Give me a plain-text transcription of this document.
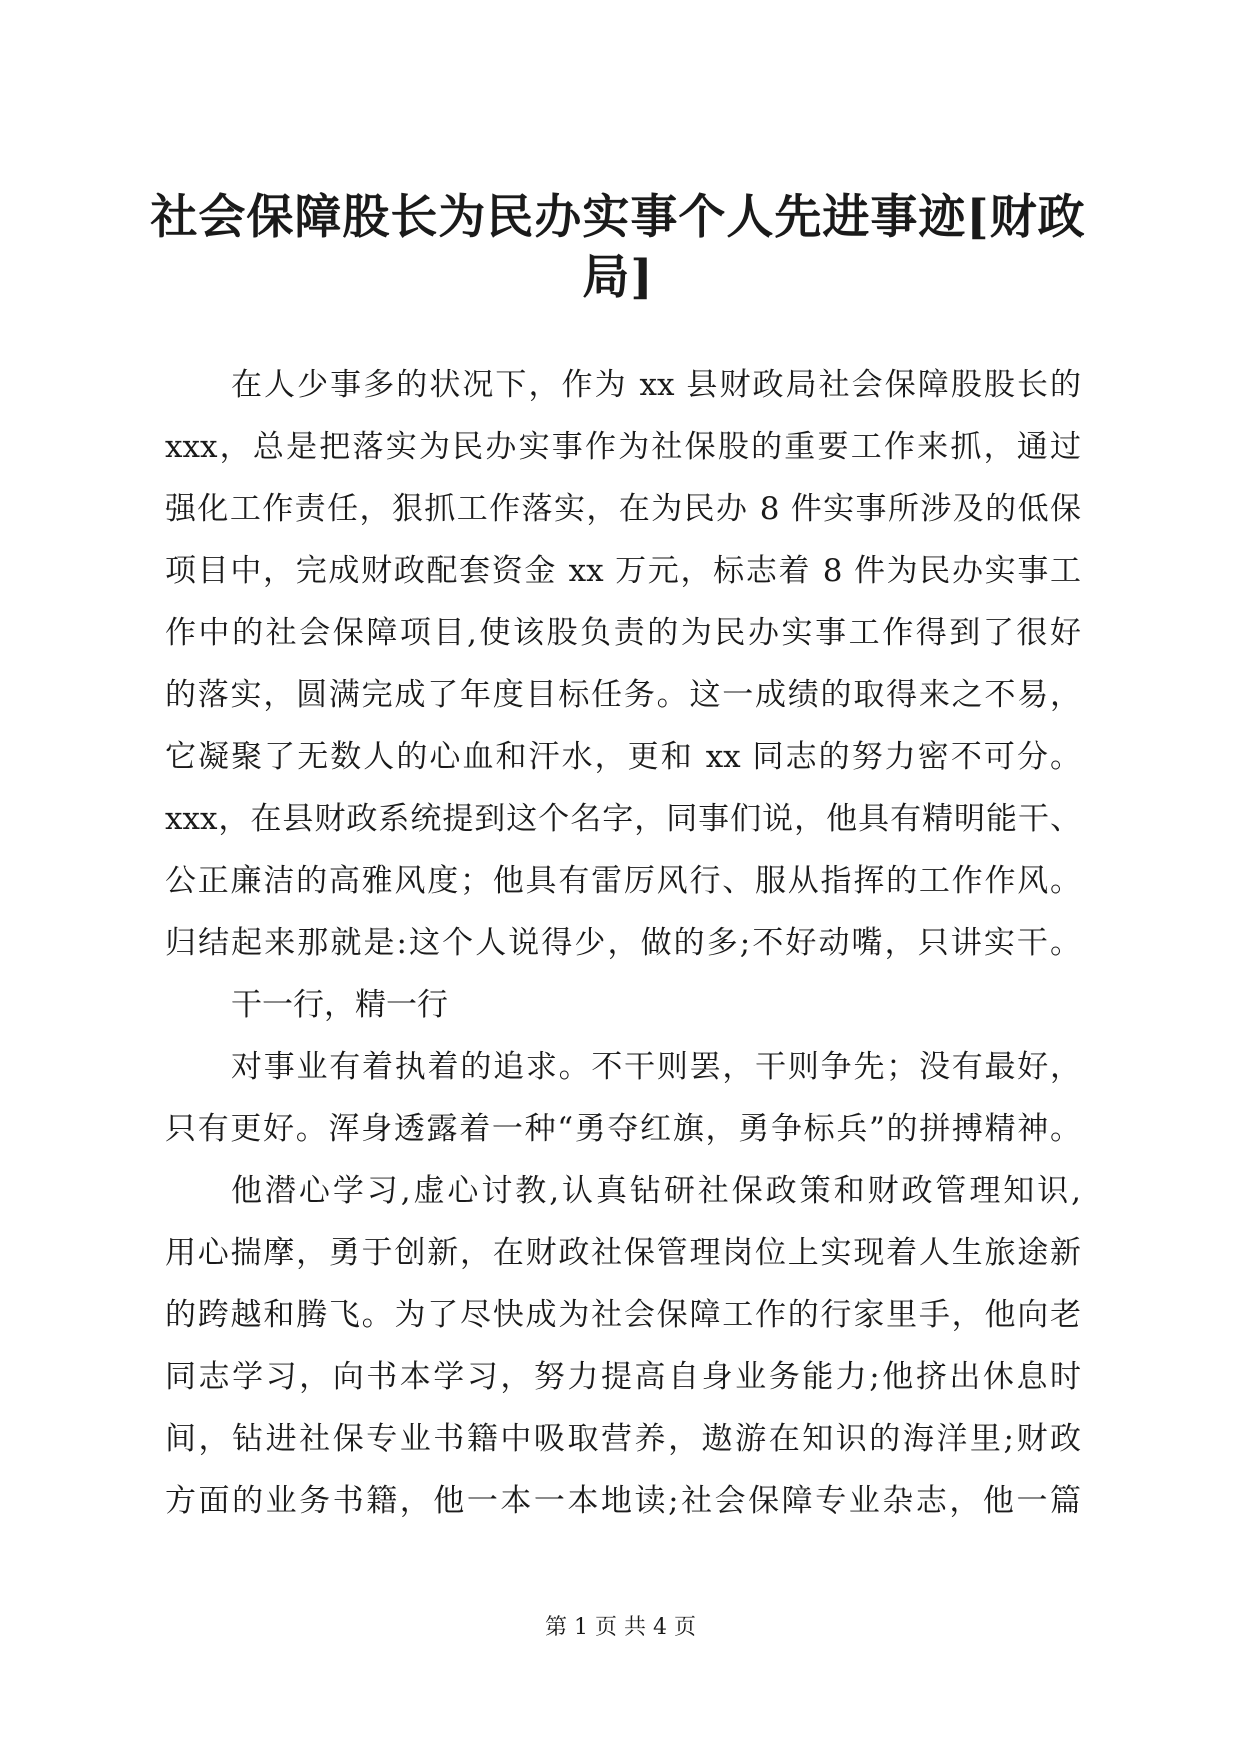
社会保障股长为民办实事个人先进事迹[财政
局]
在人少事多的状况下，作为 xx 县财政局社会保障股股长的
xxx，总是把落实为民办实事作为社保股的重要工作来抓，通过
强化工作责任，狠抓工作落实，在为民办 8 件实事所涉及的低保
项目中，完成财政配套资金 xx 万元，标志着 8 件为民办实事工
作中的社会保障项目,使该股负责的为民办实事工作得到了很好
的落实，圆满完成了年度目标任务。这一成绩的取得来之不易，
它凝聚了无数人的心血和汗水，更和 xx 同志的努力密不可分。
xxx，在县财政系统提到这个名字，同事们说，他具有精明能干、
公正廉洁的高雅风度；他具有雷厉风行、服从指挥的工作作风。
归结起来那就是:这个人说得少，做的多;不好动嘴，只讲实干。
干一行，精一行
对事业有着执着的追求。不干则罢，干则争先；没有最好，
只有更好。浑身透露着一种“勇夺红旗，勇争标兵”的拼搏精神。
他潜心学习,虚心讨教,认真钻研社保政策和财政管理知识,
用心揣摩，勇于创新，在财政社保管理岗位上实现着人生旅途新
的跨越和腾飞。为了尽快成为社会保障工作的行家里手，他向老
同志学习，向书本学习，努力提高自身业务能力;他挤出休息时
间，钻进社保专业书籍中吸取营养，遨游在知识的海洋里;财政
方面的业务书籍，他一本一本地读;社会保障专业杂志，他一篇
第 1 页 共 4 页
